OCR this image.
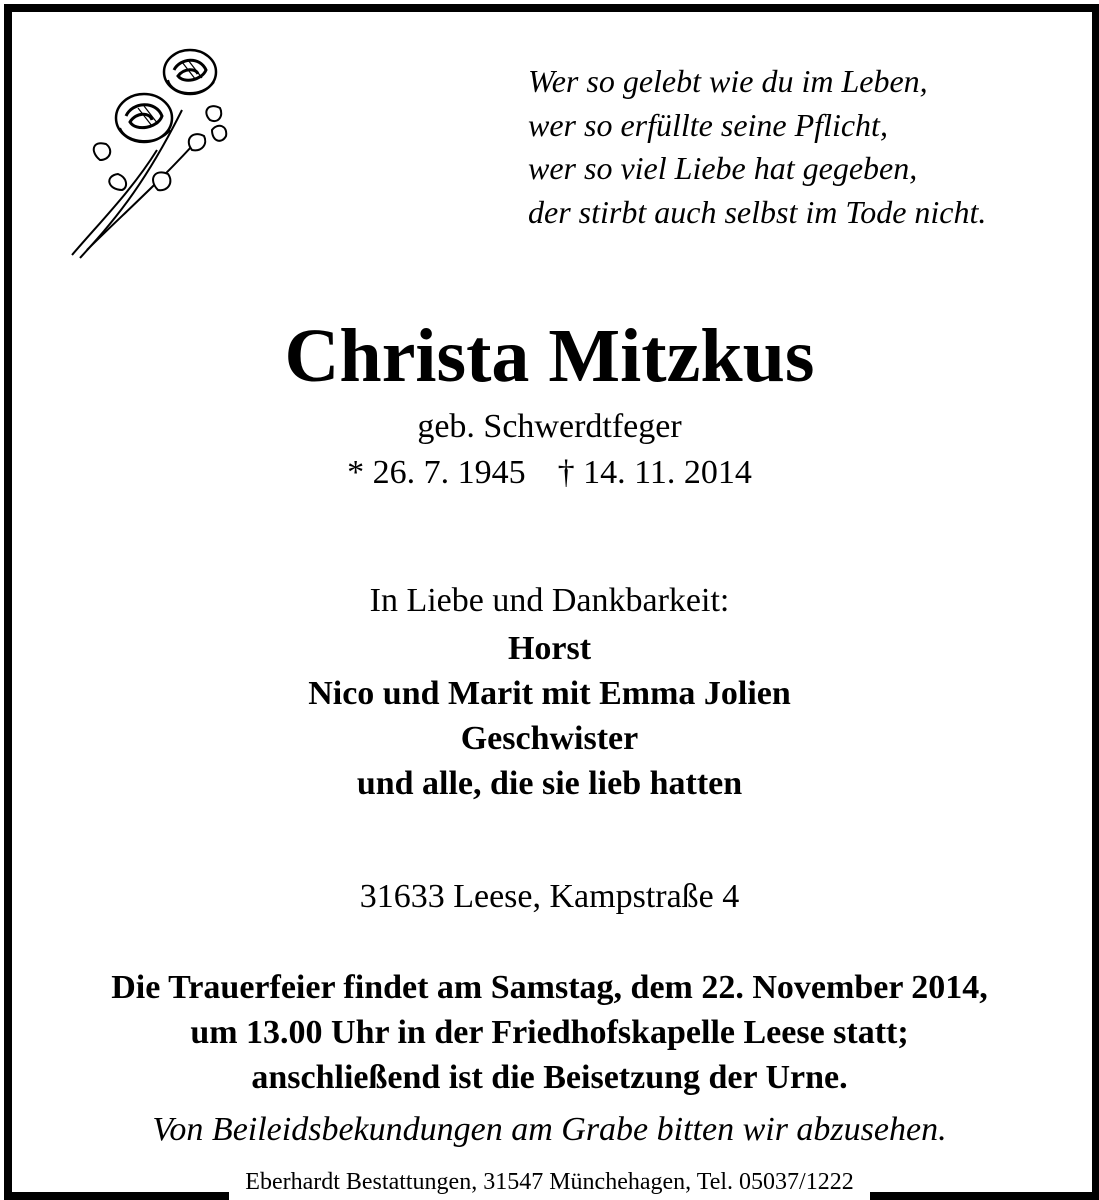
Wer so gelebt wie du im Leben,
wer so erfüllte seine Pflicht,
wer so viel Liebe hat gegeben,
der stirbt auch selbst im Tode nicht.
Christa Mitzkus
geb. Schwerdtfeger
* 26. 7. 1945 † 14. 11. 2014
In Liebe und Dankbarkeit:
Horst
Nico und Marit mit Emma Jolien
Geschwister
und alle, die sie lieb hatten
31633 Leese, Kampstraße 4
Die Trauerfeier findet am Samstag, dem 22. November 2014,
um 13.00 Uhr in der Friedhofskapelle Leese statt;
anschließend ist die Beisetzung der Urne.
Von Beileidsbekundungen am Grabe bitten wir abzusehen.
Eberhardt Bestattungen, 31547 Münchehagen, Tel. 05037/1222
